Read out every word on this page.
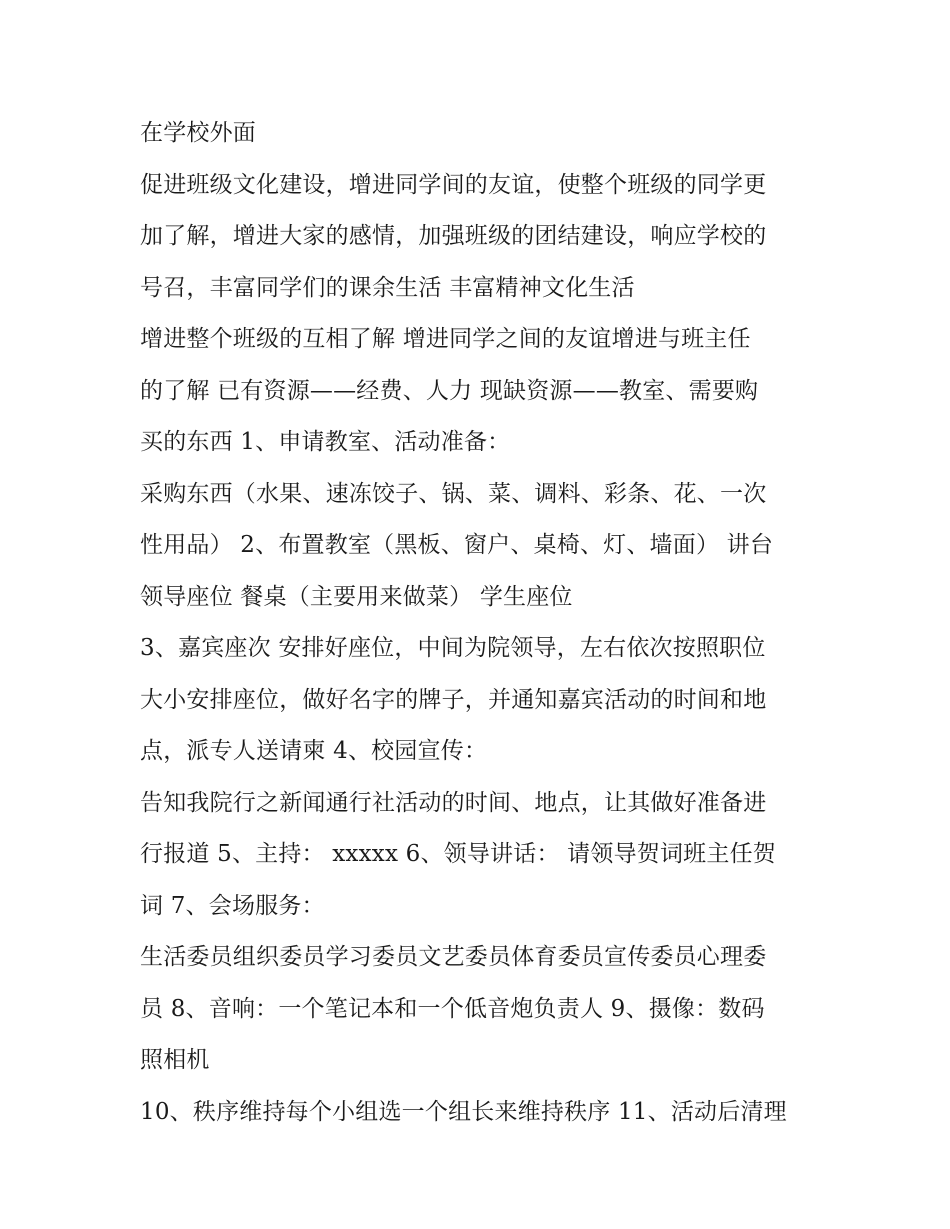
在学校外面
促进班级文化建设，增进同学间的友谊，使整个班级的同学更
加了解，增进大家的感情，加强班级的团结建设，响应学校的
号召，丰富同学们的课余生活 丰富精神文化生活
增进整个班级的互相了解 增进同学之间的友谊增进与班主任
的了解 已有资源——经费、人力 现缺资源——教室、需要购
买的东西 1、申请教室、活动准备：
采购东西（水果、速冻饺子、锅、菜、调料、彩条、花、一次
性用品） 2、布置教室（黑板、窗户、桌椅、灯、墙面） 讲台
领导座位 餐桌（主要用来做菜） 学生座位
3、嘉宾座次 安排好座位，中间为院领导，左右依次按照职位
大小安排座位，做好名字的牌子，并通知嘉宾活动的时间和地
点，派专人送请柬 4、校园宣传：
告知我院行之新闻通行社活动的时间、地点，让其做好准备进
行报道 5、主持： xxxxx 6、领导讲话： 请领导贺词班主任贺
词 7、会场服务：
生活委员组织委员学习委员文艺委员体育委员宣传委员心理委
员 8、音响：一个笔记本和一个低音炮负责人 9、摄像：数码
照相机
10、秩序维持每个小组选一个组长来维持秩序 11、活动后清理
